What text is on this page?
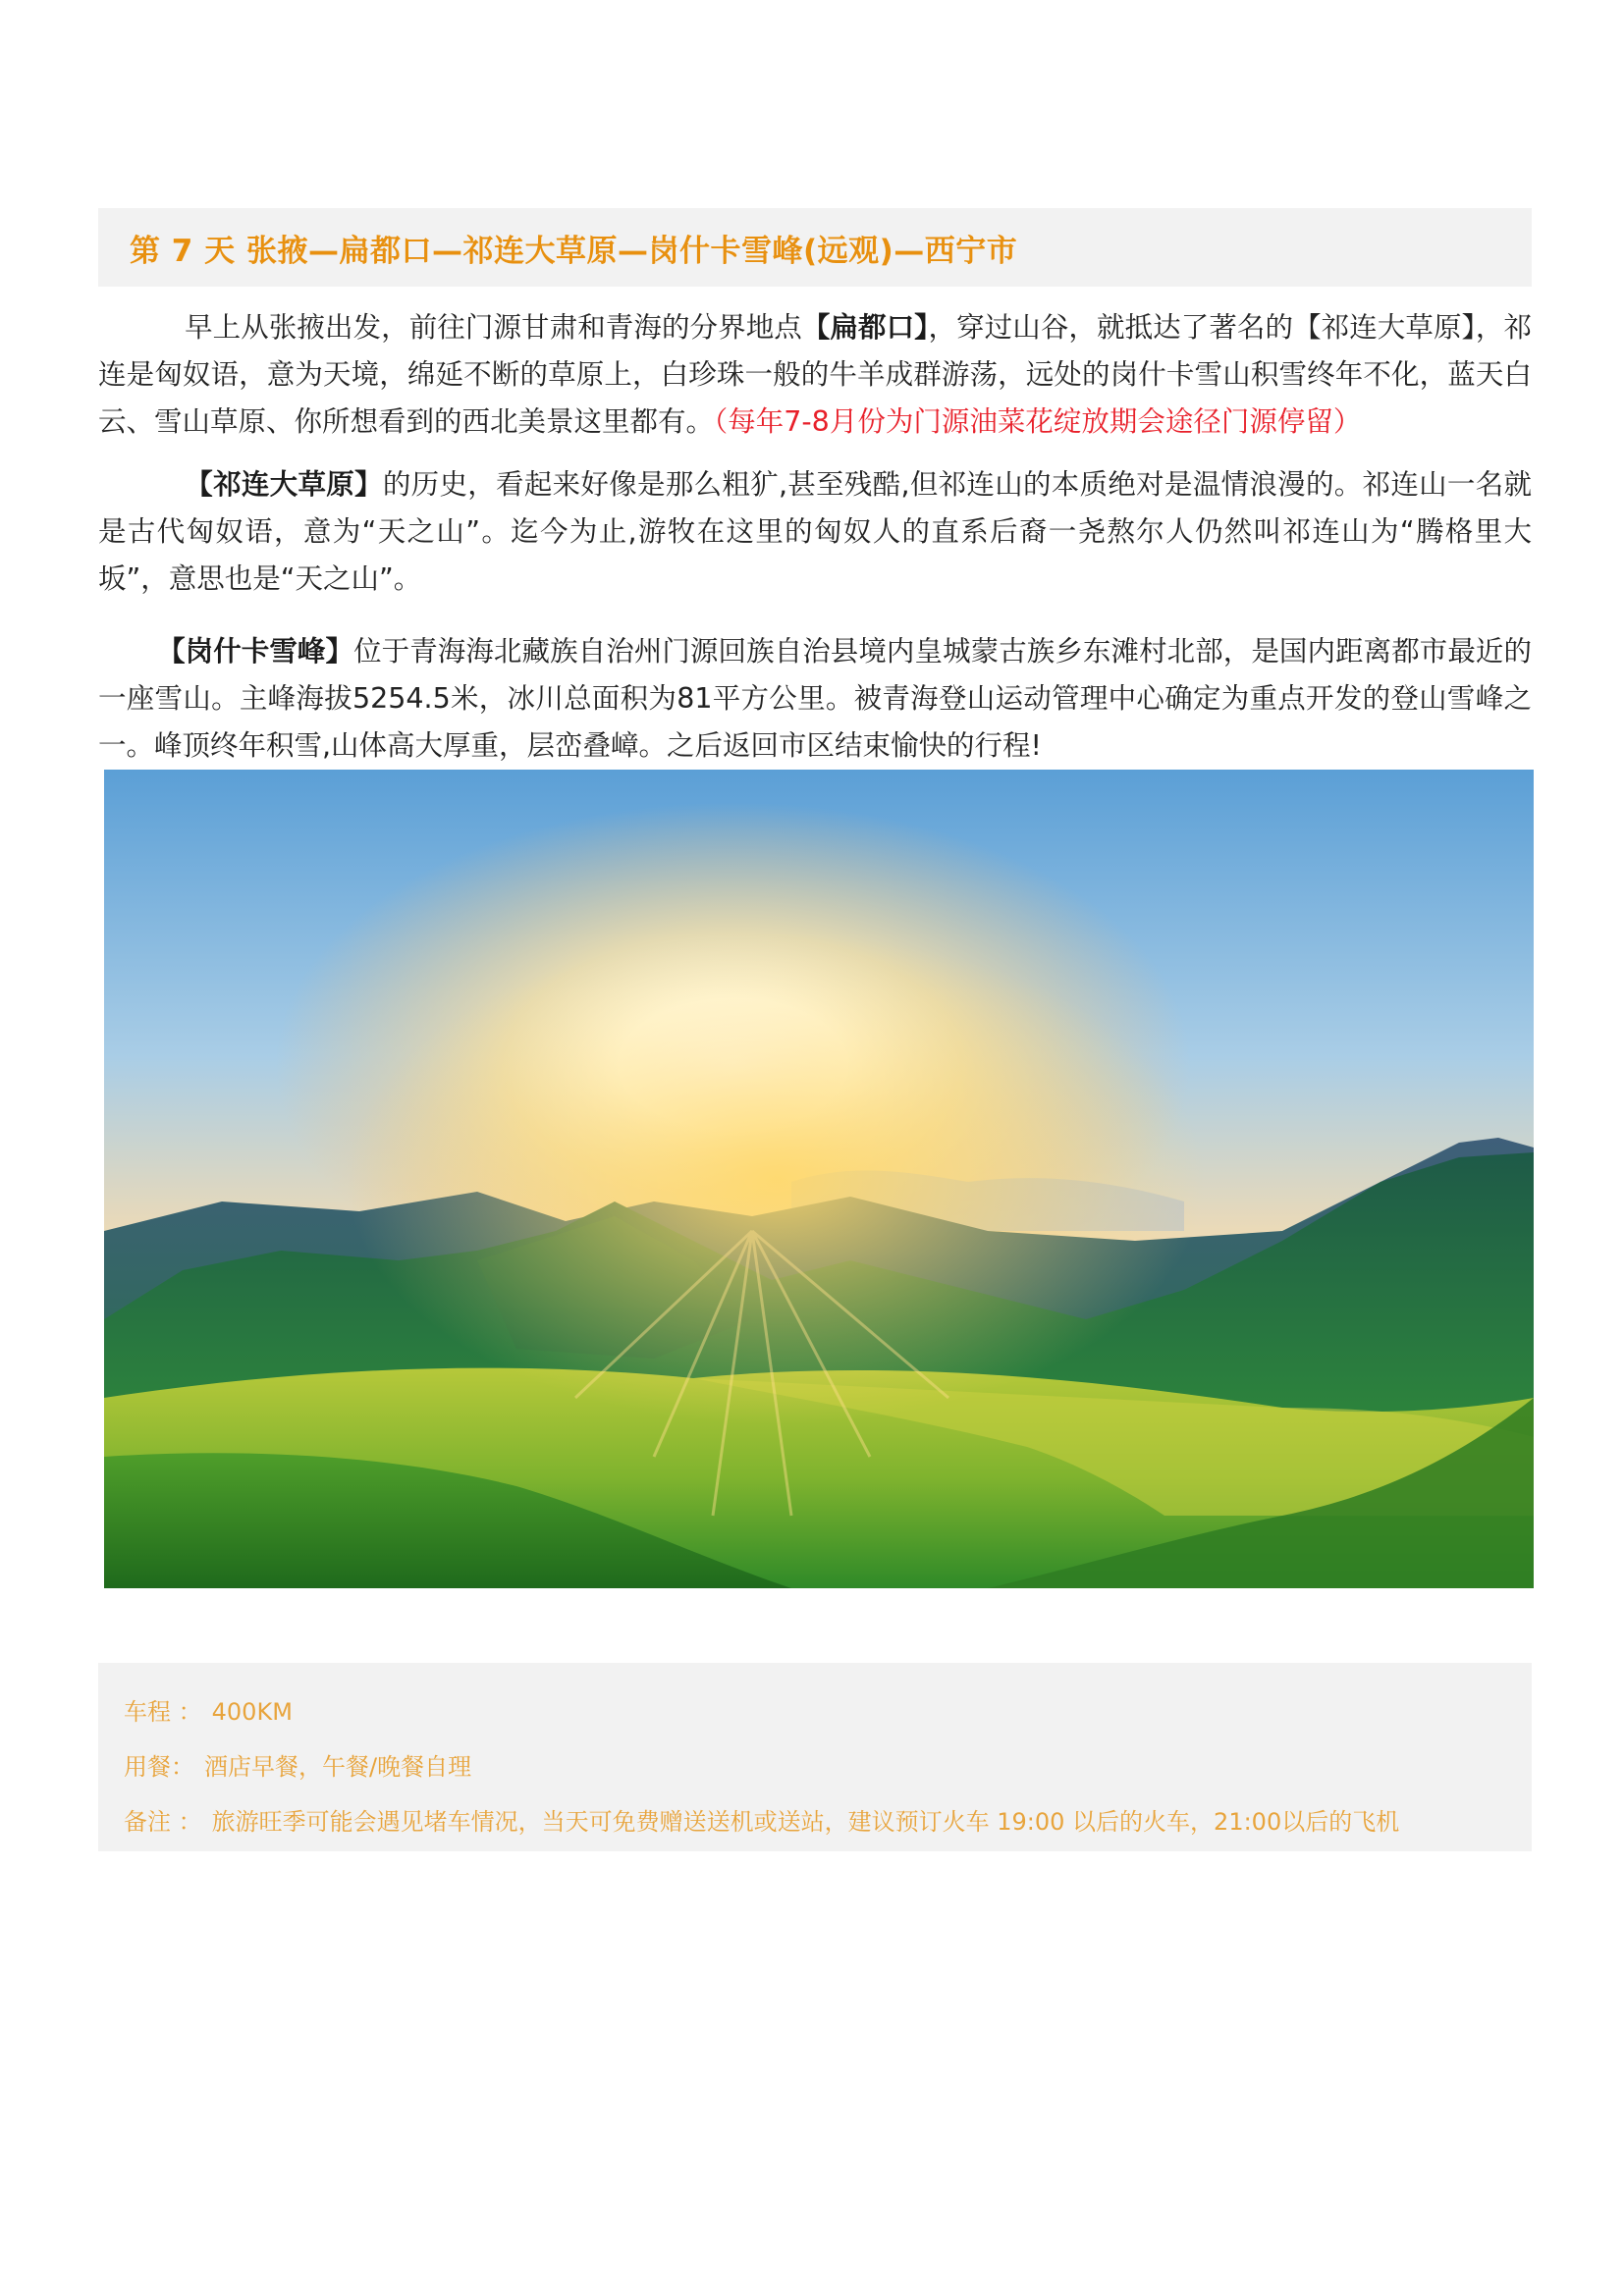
第 7 天 张掖—扁都口—祁连大草原—岗什卡雪峰(远观)—西宁市

早上从张掖出发，前往门源甘肃和青海的分界地点【扁都口】，穿过山谷，就抵达了著名的【祁连大草原】，祁连是匈奴语，意为天境，绵延不断的草原上，白珍珠一般的牛羊成群游荡，远处的岗什卡雪山积雪终年不化，蓝天白云、雪山草原、你所想看到的西北美景这里都有。（每年7-8月份为门源油菜花绽放期会途径门源停留）

【祁连大草原】的历史，看起来好像是那么粗犷,甚至残酷,但祁连山的本质绝对是温情浪漫的。祁连山一名就是古代匈奴语，意为“天之山”。迄今为止,游牧在这里的匈奴人的直系后裔一尧熬尔人仍然叫祁连山为“腾格里大坂”，意思也是“天之山”。

【岗什卡雪峰】位于青海海北藏族自治州门源回族自治县境内皇城蒙古族乡东滩村北部，是国内距离都市最近的一座雪山。主峰海拔5254.5米，冰川总面积为81平方公里。被青海登山运动管理中心确定为重点开发的登山雪峰之一。峰顶终年积雪,山体高大厚重，层峦叠嶂。之后返回市区结束愉快的行程!

车程 ： 400KM
用餐： 酒店早餐，午餐/晚餐自理
备注 ： 旅游旺季可能会遇见堵车情况，当天可免费赠送送机或送站，建议预订火车 19:00 以后的火车，21:00以后的飞机
